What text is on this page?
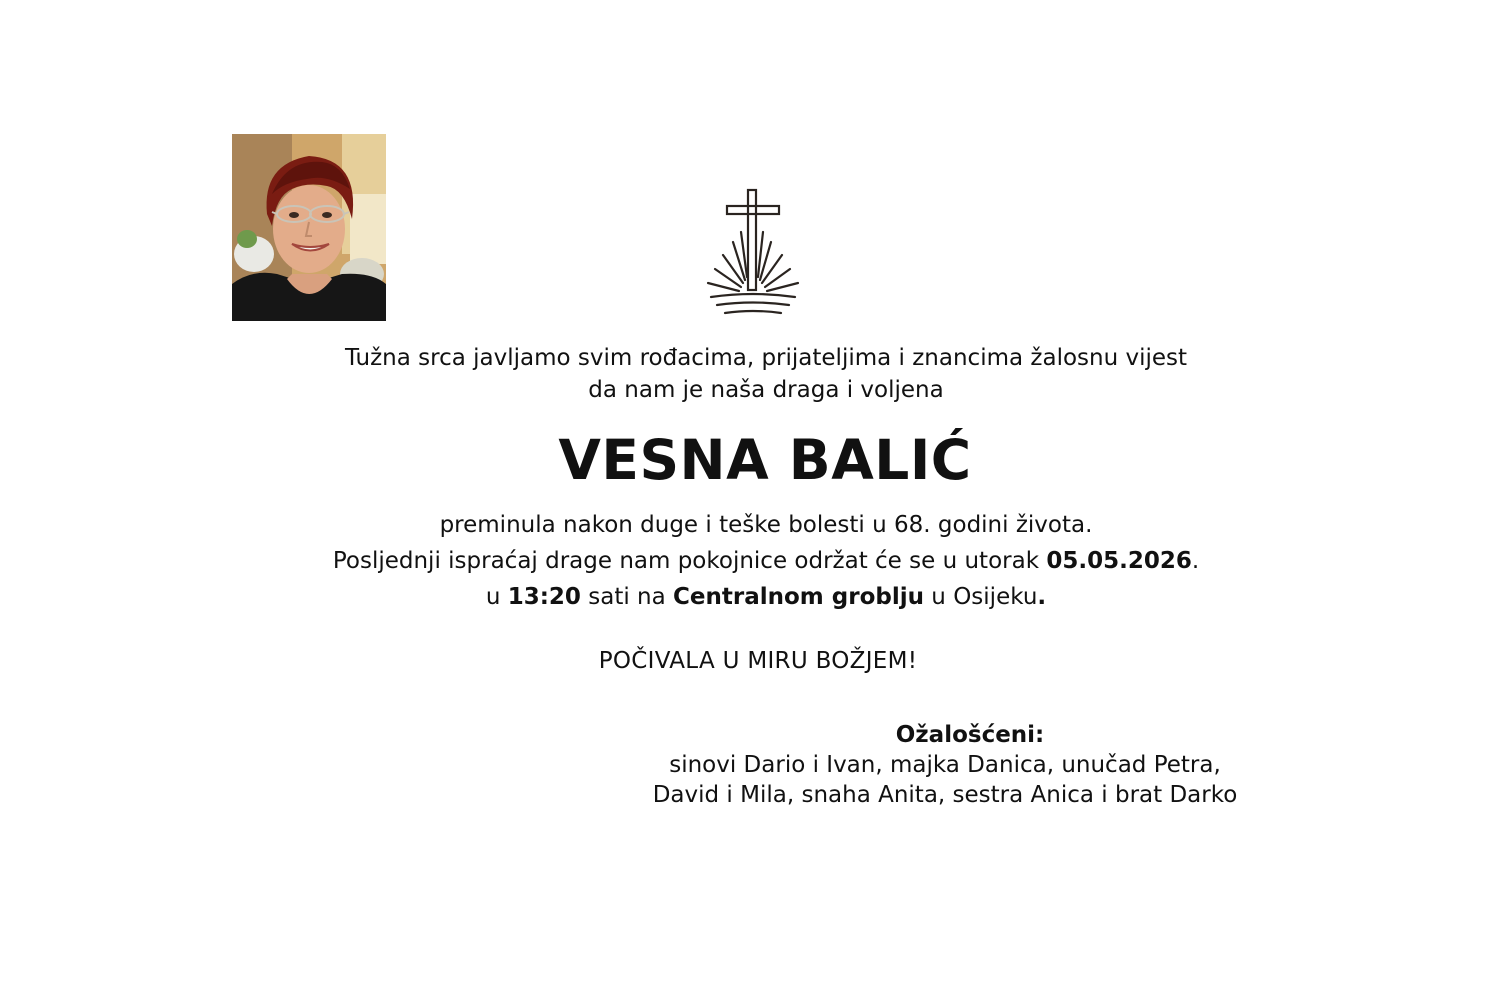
Tužna srca javljamo svim rođacima, prijateljima i znancima žalosnu vijest
da nam je naša draga i voljena
VESNA BALIĆ
preminula nakon duge i teške bolesti u 68. godini života.
Posljednji ispraćaj drage nam pokojnice održat će se u utorak 05.05.2026.
u 13:20 sati na Centralnom groblju u Osijeku.
POČIVALA U MIRU BOŽJEM!
Ožalošćeni:
sinovi Dario i Ivan, majka Danica, unučad Petra,
David i Mila, snaha Anita, sestra Anica i brat Darko
